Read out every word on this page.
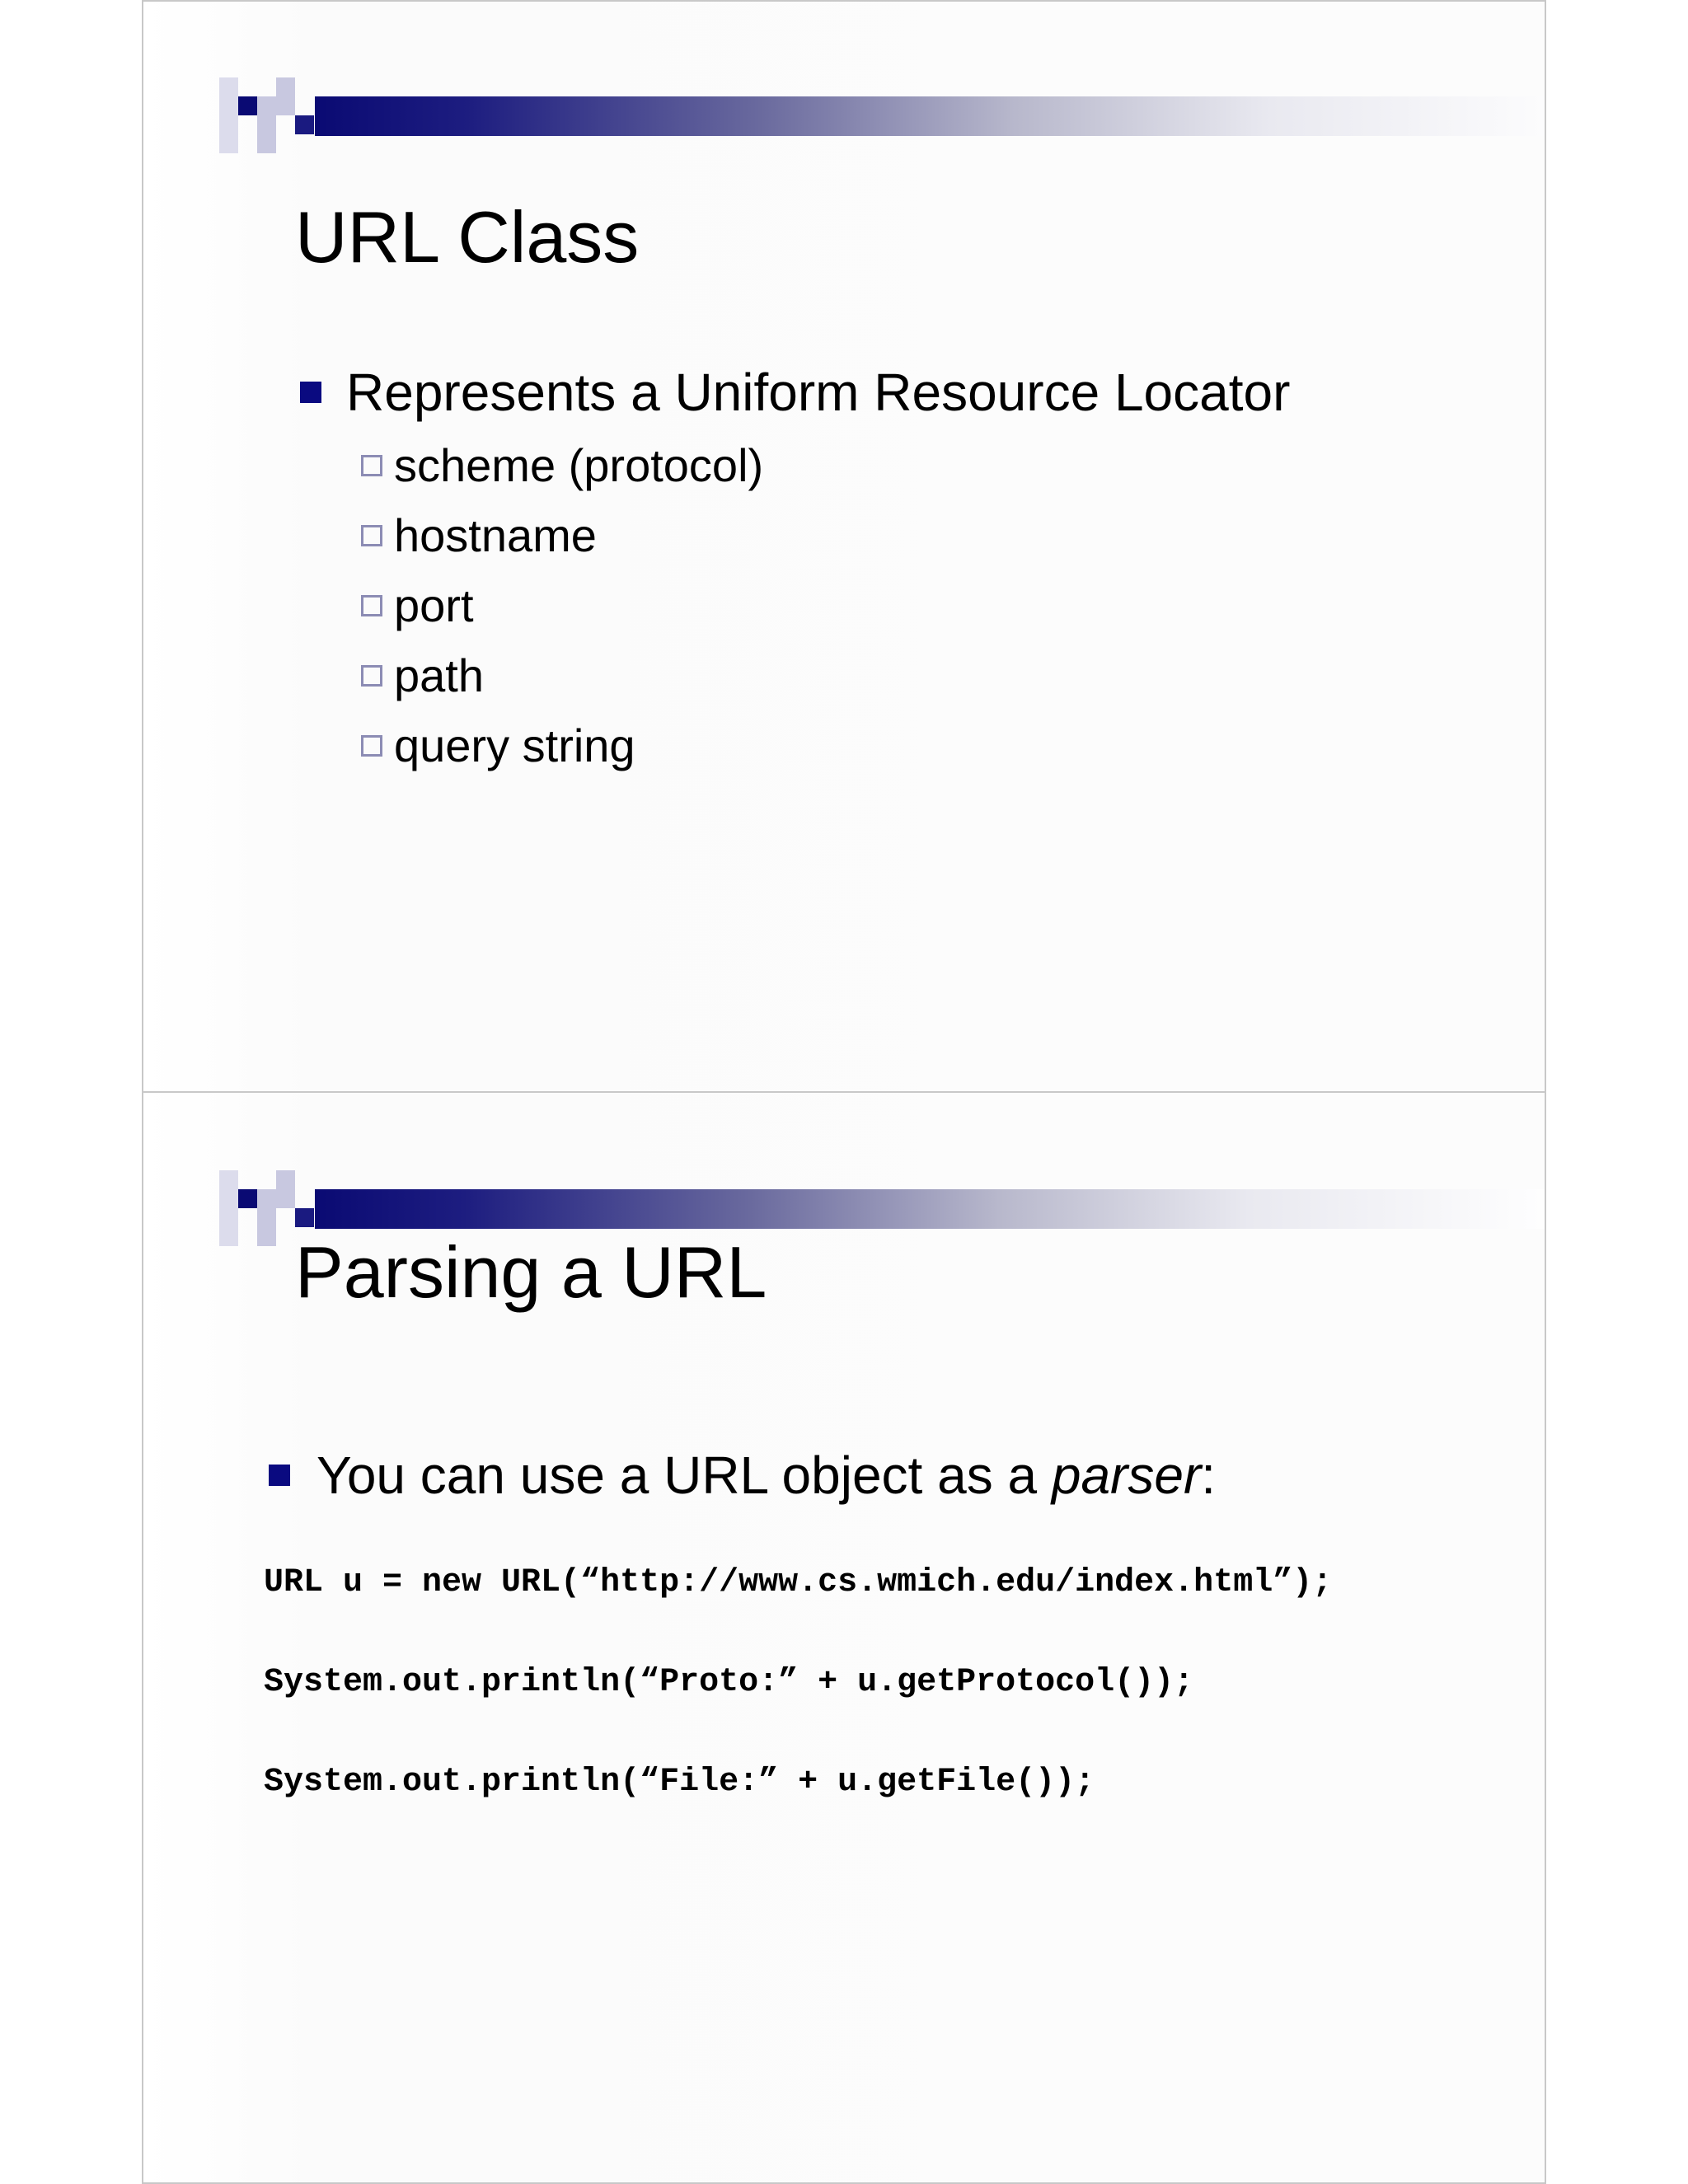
URL Class
Represents a Uniform Resource Locator
scheme (protocol)
hostname
port
path
query string
Parsing a URL
You can use a URL object as a parser:
URL u = new URL(“http://www.cs.wmich.edu/index.html”);
System.out.println(“Proto:” + u.getProtocol());
System.out.println(“File:” + u.getFile());
